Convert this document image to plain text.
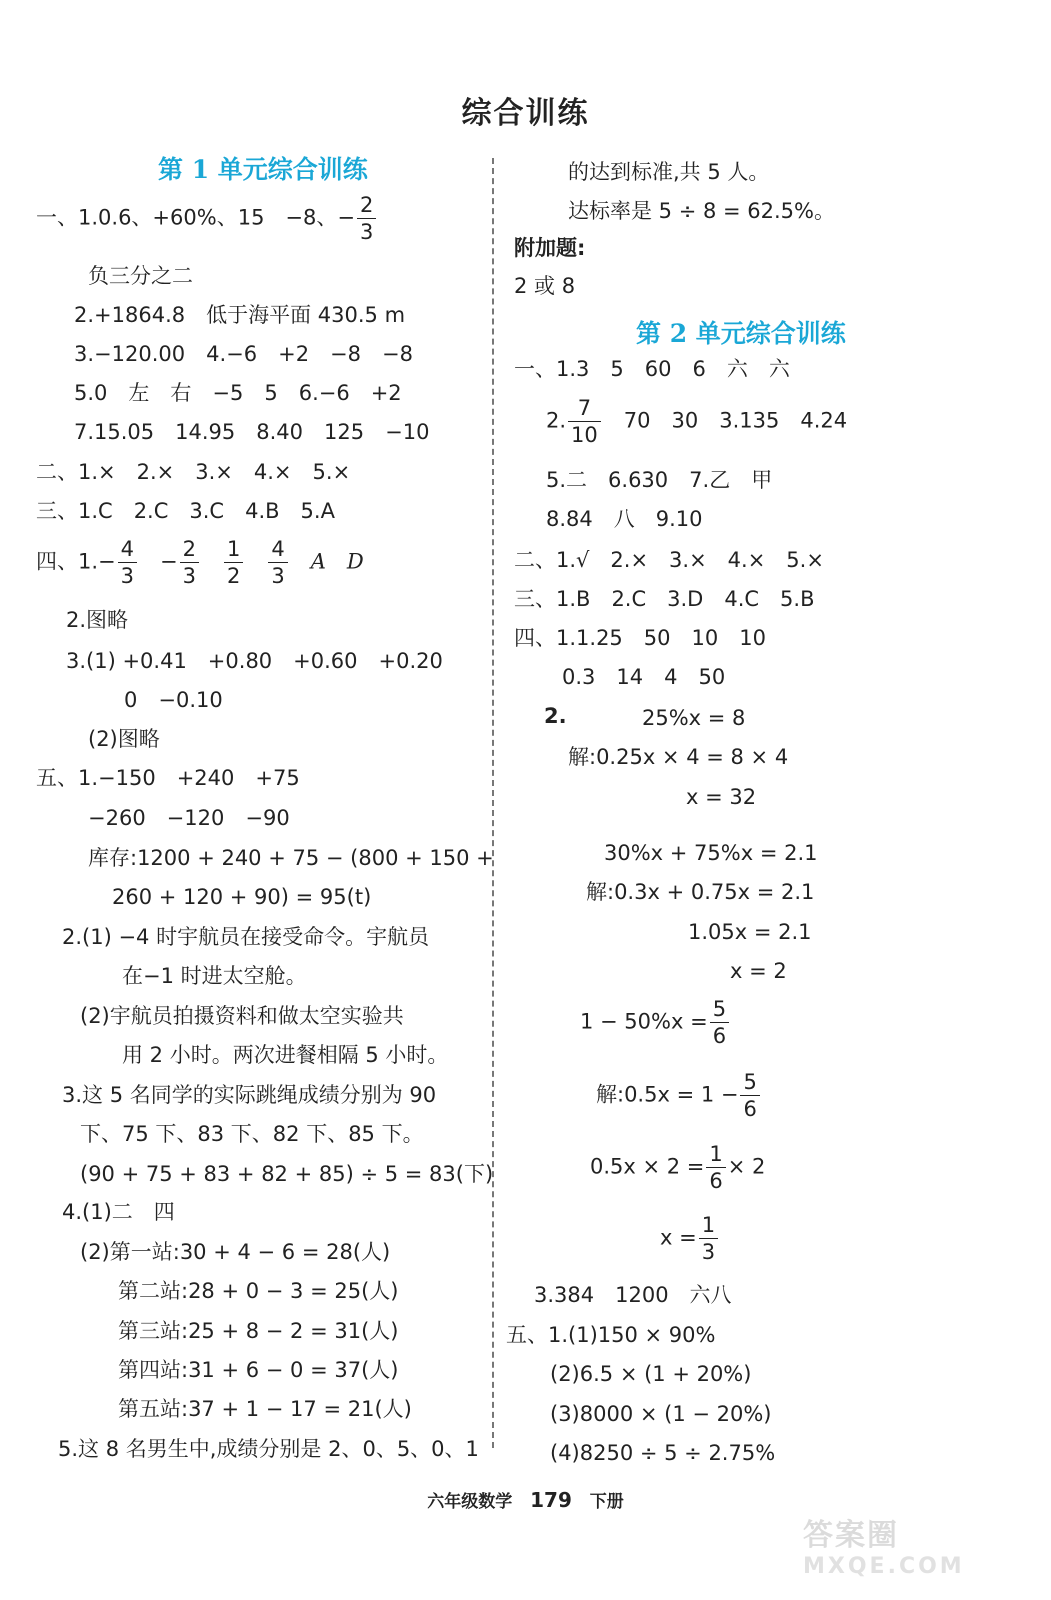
综合训练
第 1 单元综合训练
一、1.0.6、+60%、15　−8、− $\frac{2}{3}$
负三分之二
2.+1864.8　低于海平面 430.5 m
3.−120.00　4.−6　+2　−8　−8
5.0　左　右　−5　5　6.−6　+2
7.15.05　14.95　8.40　125　−10
二、1.×　2.×　3.×　4.×　5.×
三、1.C　2.C　3.C　4.B　5.A
四、$1.- \frac{4}{3}$ 　− $\frac{2}{3}$
　 $\frac{1}{2}$
　 $\frac{4}{3}$ 　A　D
2.图略
3.(1) +0.41　+0.80　+0.60　+0.20
0　−0.10
(2)图略
五、1.−150　+240　+75
−260　−120　−90
库存:1200 + 240 + 75 − (800 + 150 +
260 + 120 + 90) = 95(t)
2.(1) −4 时宇航员在接受命令。宇航员
在−1 时进太空舱。
(2)宇航员拍摄资料和做太空实验共
用 2 小时。两次进餐相隔 5 小时。
3.这 5 名同学的实际跳绳成绩分别为 90
下、75 下、83 下、82 下、85 下。
(90 + 75 + 83 + 82 + 85) ÷ 5 = 83(下)
4.(1)二　四
(2)第一站:30 + 4 − 6 = 28(人)
第二站:28 + 0 − 3 = 25(人)
第三站:25 + 8 − 2 = 31(人)
第四站:31 + 6 − 0 = 37(人)
第五站:37 + 1 − 17 = 21(人)
5.这 8 名男生中,成绩分别是 2、0、5、0、1
的达到标准,共 5 人。
达标率是 5 ÷ 8 = 62.5%。
附加题:
2 或 8
第 2 单元综合训练
一、1.3　5　60　6　六　六
2. $\frac{7}{10}$ 　70　30　3.135　4.24
5.二　6.630　7.乙　甲
8.84　八　9.10
二、1.√　2.×　3.×　4.×　5.×
三、1.B　2.C　3.D　4.C　5.B
四、1.1.25　50　10　10
0.3　14　4　50
2.	25%x = 8
解:0.25x × 4 = 8 × 4
x = 32
30%x + 75%x = 2.1
解:0.3x + 0.75x = 2.1
1.05x = 2.1
x = 2
$1 - 50\%x = \frac{5}{6}$
解:0.5x = $1 - \frac{5}{6}$
$0.5x \times 2 = \frac{1}{6} \times 2$
$x = \frac{1}{3}$
3.384　1200　六八
五、1.(1)150 × 90%
(2)6.5 × (1 + 20%)
(3)8000 × (1 − 20%)
(4)8250 ÷ 5 ÷ 2.75%
六年级数学 179 下册
答案圈
MXQE.COM
